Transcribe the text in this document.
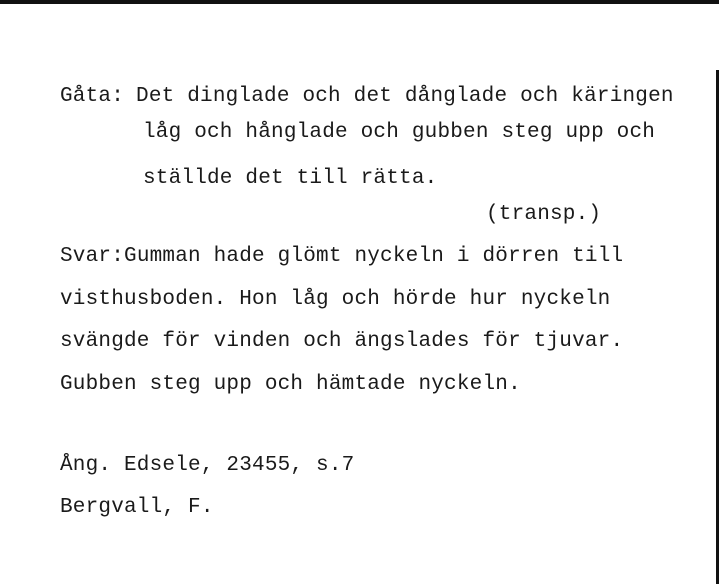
Gåta: Det dinglade och det dånglade och käringen
låg och hånglade och gubben steg upp och
ställde det till rätta.
(transp.)
Svar:Gumman hade glömt nyckeln i dörren till
visthusboden. Hon låg och hörde hur nyckeln
svängde för vinden och ängslades för tjuvar.
Gubben steg upp och hämtade nyckeln.
Ång. Edsele, 23455, s.7
Bergvall, F.
